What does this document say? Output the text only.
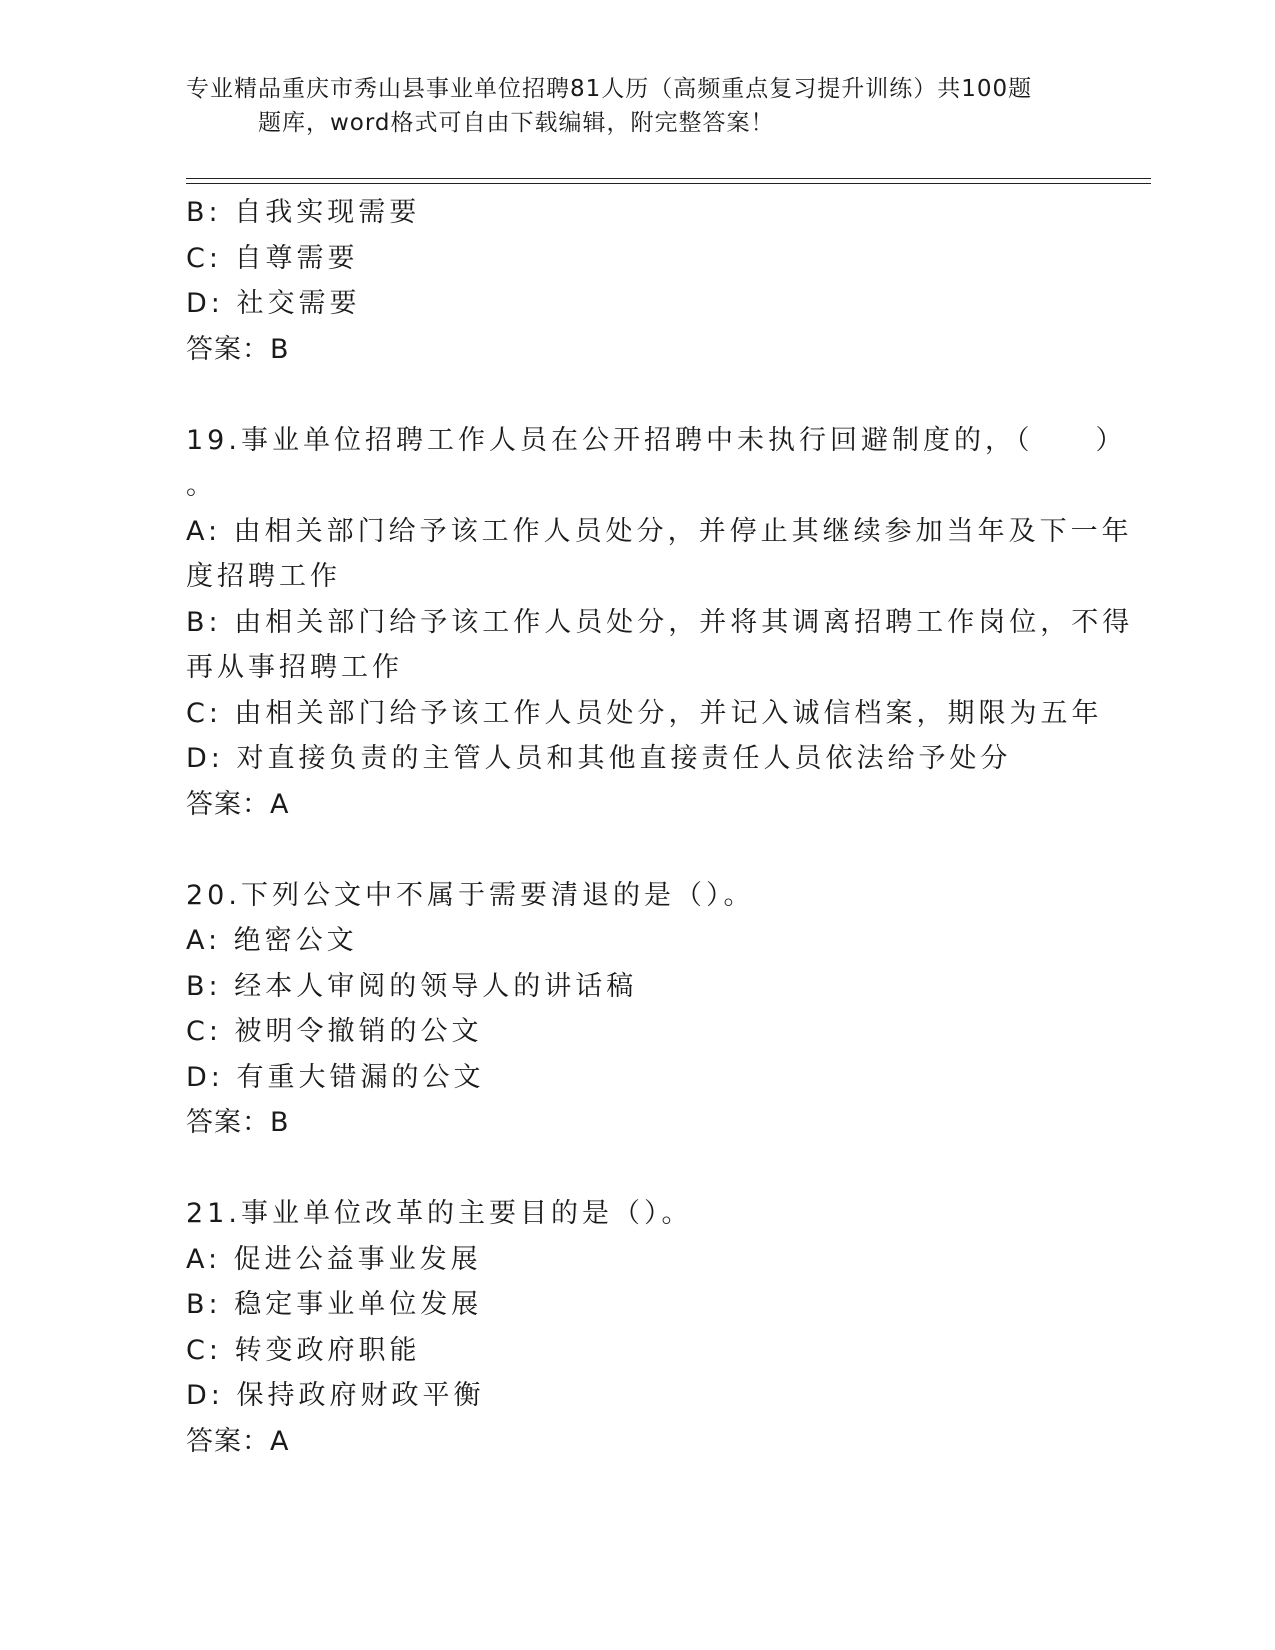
专业精品重庆市秀山县事业单位招聘81人历（高频重点复习提升训练）共100题
题库，word格式可自由下载编辑，附完整答案！
B: 自我实现需要
C: 自尊需要
D: 社交需要
答案：B
19.事业单位招聘工作人员在公开招聘中未执行回避制度的，（　　）
。
A: 由相关部门给予该工作人员处分，并停止其继续参加当年及下一年
度招聘工作
B: 由相关部门给予该工作人员处分，并将其调离招聘工作岗位，不得
再从事招聘工作
C: 由相关部门给予该工作人员处分，并记入诚信档案，期限为五年
D: 对直接负责的主管人员和其他直接责任人员依法给予处分
答案：A
20.下列公文中不属于需要清退的是（）。
A: 绝密公文
B: 经本人审阅的领导人的讲话稿
C: 被明令撤销的公文
D: 有重大错漏的公文
答案：B
21.事业单位改革的主要目的是（）。
A: 促进公益事业发展
B: 稳定事业单位发展
C: 转变政府职能
D: 保持政府财政平衡
答案：A
